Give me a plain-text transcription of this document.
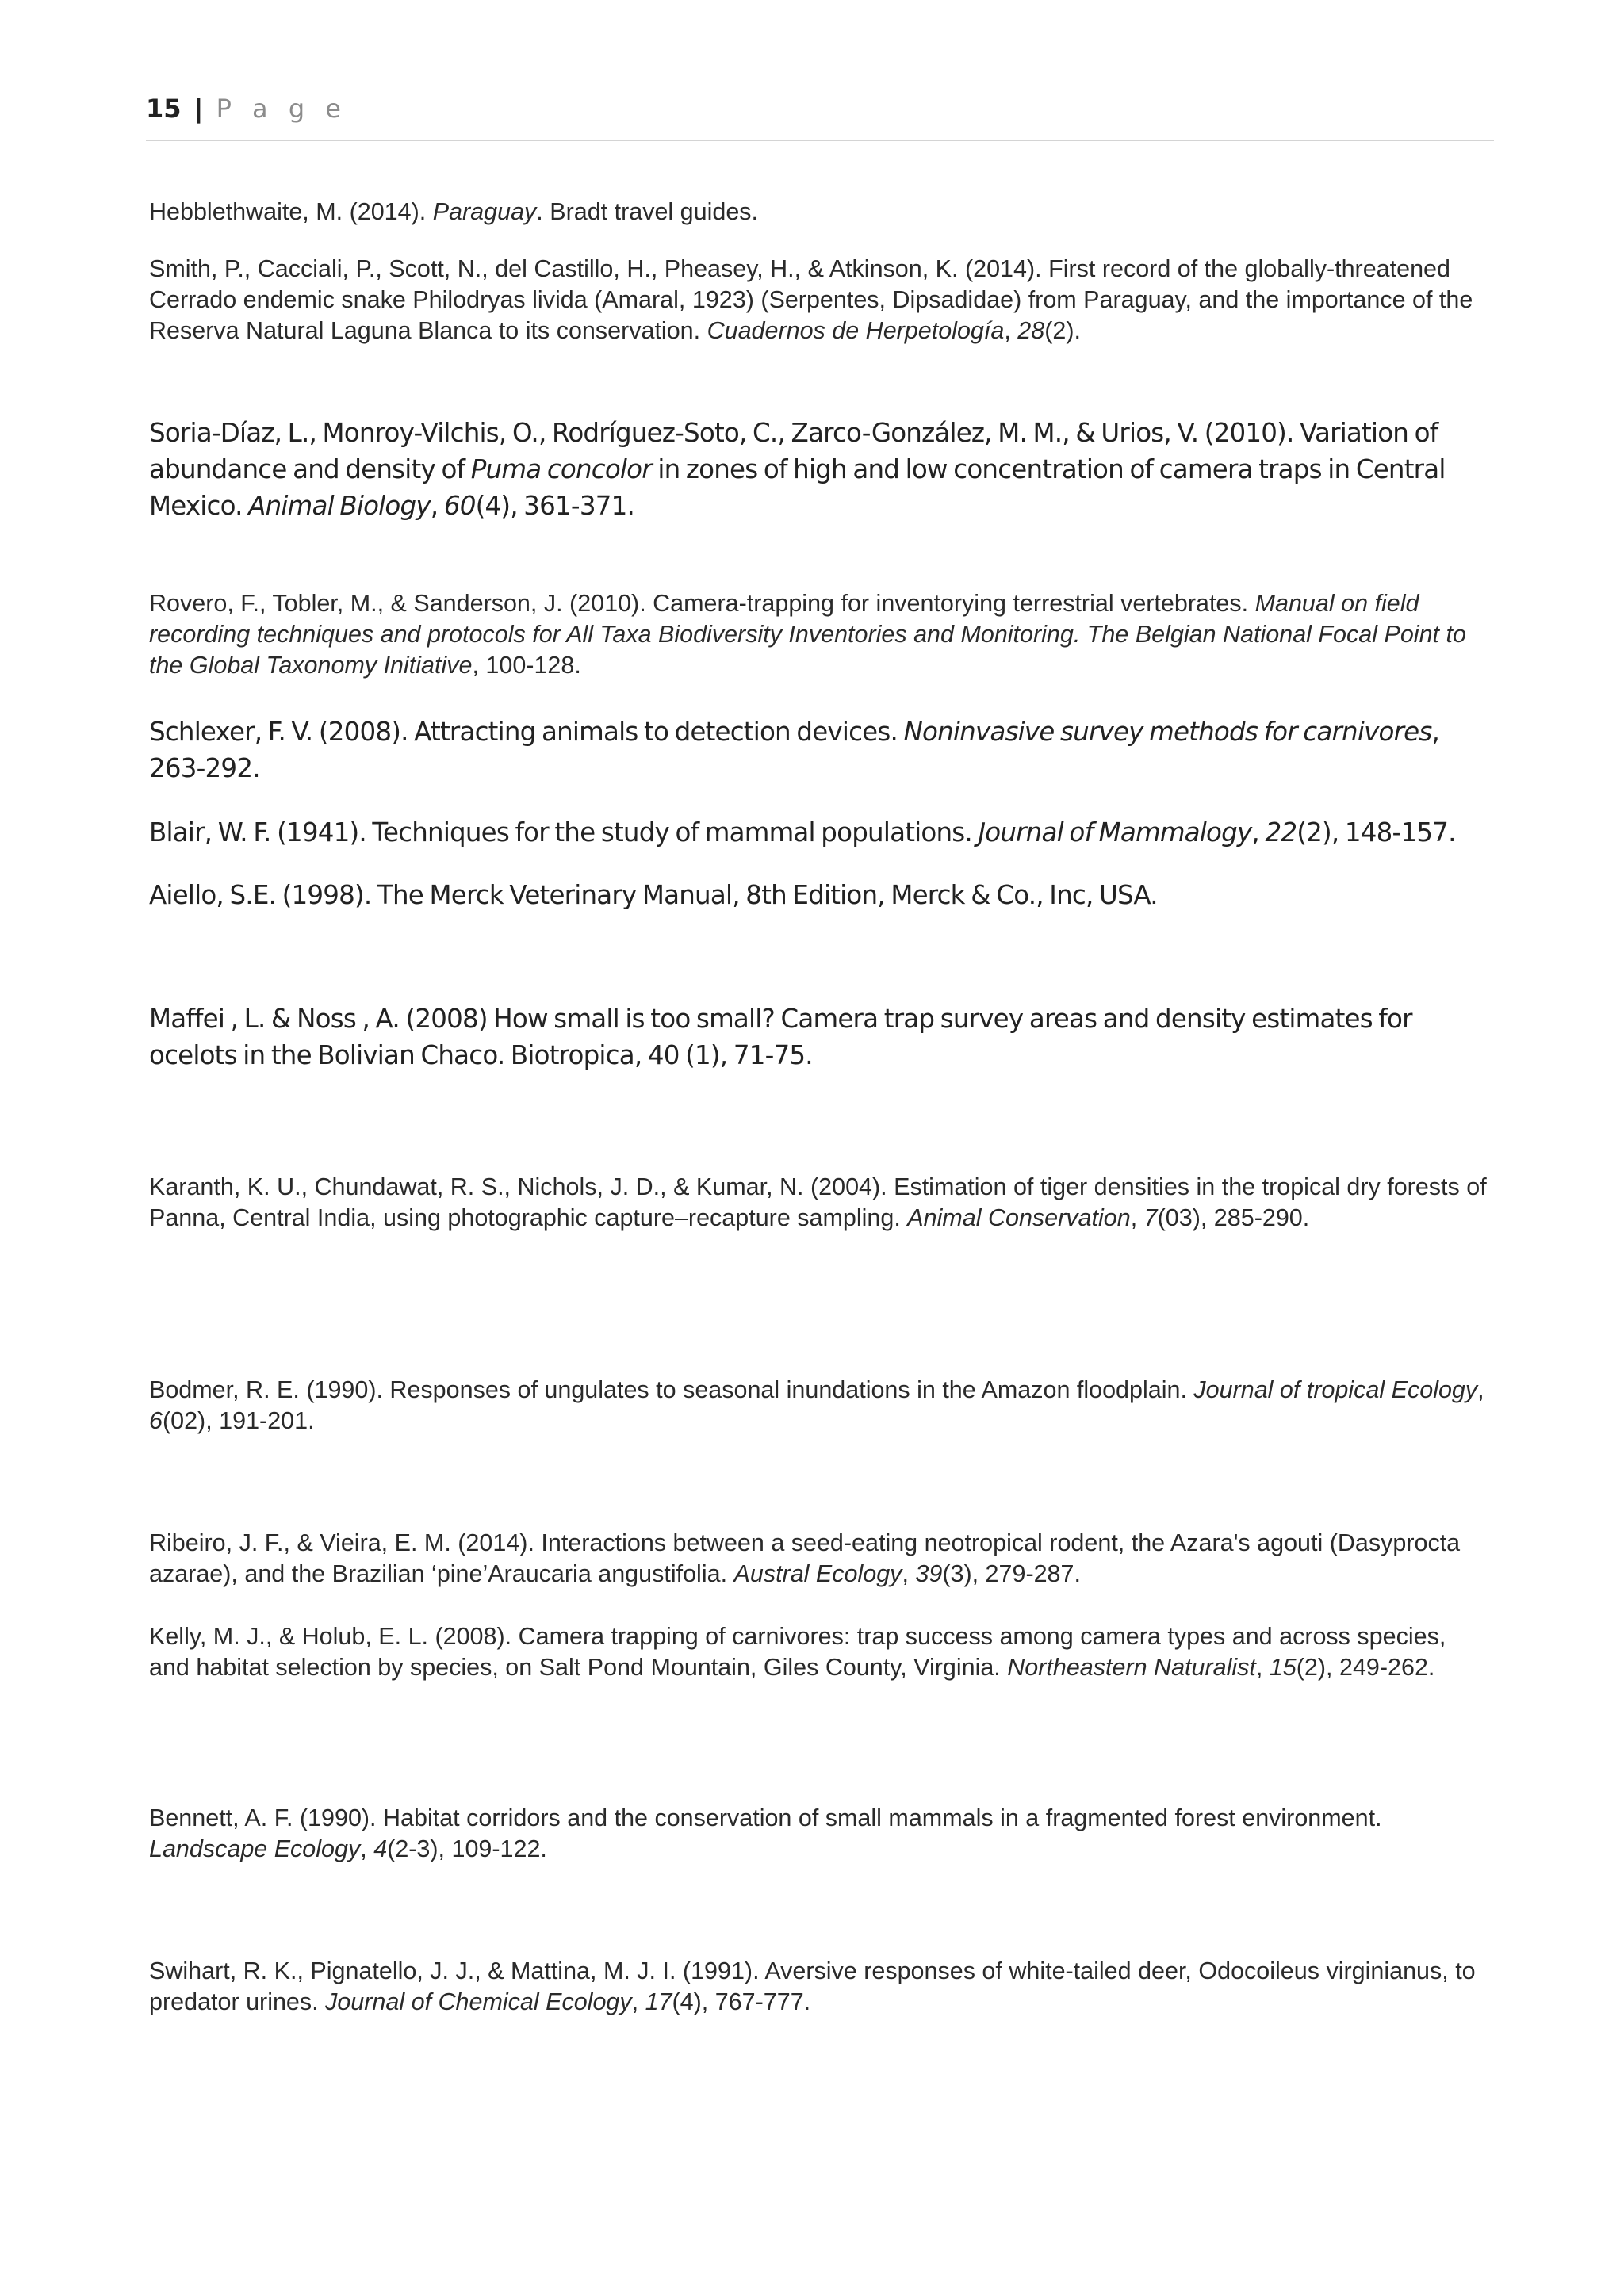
15 | P a g e

Hebblethwaite, M. (2014). Paraguay. Bradt travel guides.

Smith, P., Cacciali, P., Scott, N., del Castillo, H., Pheasey, H., & Atkinson, K. (2014). First record of the globally-threatened Cerrado endemic snake Philodryas livida (Amaral, 1923) (Serpentes, Dipsadidae) from Paraguay, and the importance of the Reserva Natural Laguna Blanca to its conservation. Cuadernos de Herpetología, 28(2).

Soria-Díaz, L., Monroy-Vilchis, O., Rodríguez-Soto, C., Zarco-González, M. M., & Urios, V. (2010). Variation of abundance and density of Puma concolor in zones of high and low concentration of camera traps in Central Mexico. Animal Biology, 60(4), 361-371.

Rovero, F., Tobler, M., & Sanderson, J. (2010). Camera-trapping for inventorying terrestrial vertebrates. Manual on field recording techniques and protocols for All Taxa Biodiversity Inventories and Monitoring. The Belgian National Focal Point to the Global Taxonomy Initiative, 100-128.

Schlexer, F. V. (2008). Attracting animals to detection devices. Noninvasive survey methods for carnivores, 263-292.

Blair, W. F. (1941). Techniques for the study of mammal populations. Journal of Mammalogy, 22(2), 148-157.

Aiello, S.E. (1998). The Merck Veterinary Manual, 8th Edition, Merck & Co., Inc, USA.

Maffei , L. & Noss , A. (2008) How small is too small? Camera trap survey areas and density estimates for ocelots in the Bolivian Chaco. Biotropica, 40 (1), 71-75.

Karanth, K. U., Chundawat, R. S., Nichols, J. D., & Kumar, N. (2004). Estimation of tiger densities in the tropical dry forests of Panna, Central India, using photographic capture–recapture sampling. Animal Conservation, 7(03), 285-290.

Bodmer, R. E. (1990). Responses of ungulates to seasonal inundations in the Amazon floodplain. Journal of tropical Ecology, 6(02), 191-201.

Ribeiro, J. F., & Vieira, E. M. (2014). Interactions between a seed-eating neotropical rodent, the Azara's agouti (Dasyprocta azarae), and the Brazilian ‘pine’Araucaria angustifolia. Austral Ecology, 39(3), 279-287.

Kelly, M. J., & Holub, E. L. (2008). Camera trapping of carnivores: trap success among camera types and across species, and habitat selection by species, on Salt Pond Mountain, Giles County, Virginia. Northeastern Naturalist, 15(2), 249-262.

Bennett, A. F. (1990). Habitat corridors and the conservation of small mammals in a fragmented forest environment. Landscape Ecology, 4(2-3), 109-122.

Swihart, R. K., Pignatello, J. J., & Mattina, M. J. I. (1991). Aversive responses of white-tailed deer, Odocoileus virginianus, to predator urines. Journal of Chemical Ecology, 17(4), 767-777.
